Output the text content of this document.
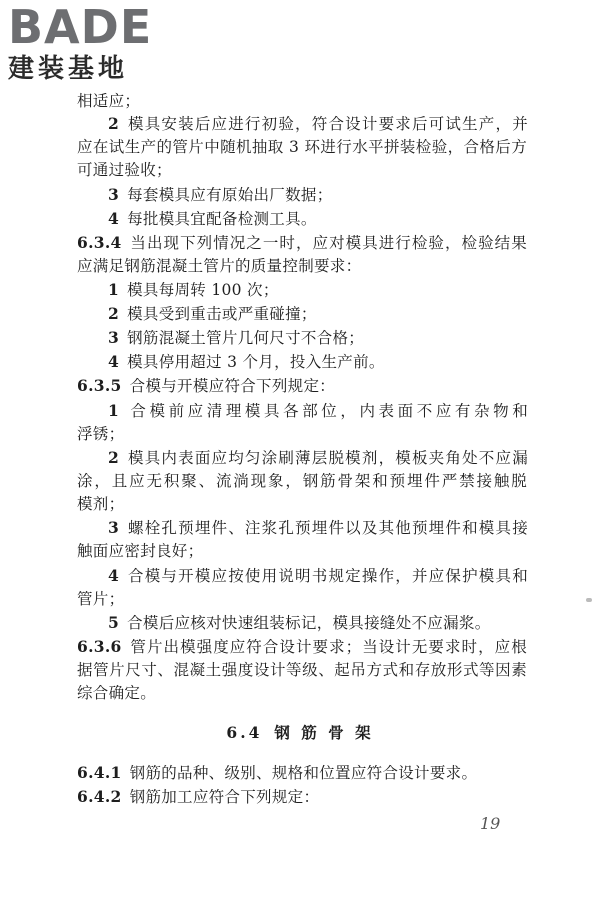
BADE
建装基地
相适应；
2 模具安装后应进行初验，符合设计要求后可试生产，并
应在试生产的管片中随机抽取 3 环进行水平拼装检验，合格后方
可通过验收；
3 每套模具应有原始出厂数据；
4 每批模具宜配备检测工具。
6.3.4 当出现下列情况之一时，应对模具进行检验，检验结果
应满足钢筋混凝土管片的质量控制要求：
1 模具每周转 100 次；
2 模具受到重击或严重碰撞；
3 钢筋混凝土管片几何尺寸不合格；
4 模具停用超过 3 个月，投入生产前。
6.3.5 合模与开模应符合下列规定：
1 合模前应清理模具各部位，内表面不应有杂物和
浮锈；
2 模具内表面应均匀涂刷薄层脱模剂，模板夹角处不应漏
涂，且应无积聚、流淌现象，钢筋骨架和预埋件严禁接触脱
模剂；
3 螺栓孔预埋件、注浆孔预埋件以及其他预埋件和模具接
触面应密封良好；
4 合模与开模应按使用说明书规定操作，并应保护模具和
管片；
5 合模后应核对快速组装标记，模具接缝处不应漏浆。
6.3.6 管片出模强度应符合设计要求；当设计无要求时，应根
据管片尺寸、混凝土强度设计等级、起吊方式和存放形式等因素
综合确定。
6.4 钢 筋 骨 架
6.4.1 钢筋的品种、级别、规格和位置应符合设计要求。
6.4.2 钢筋加工应符合下列规定：
19
